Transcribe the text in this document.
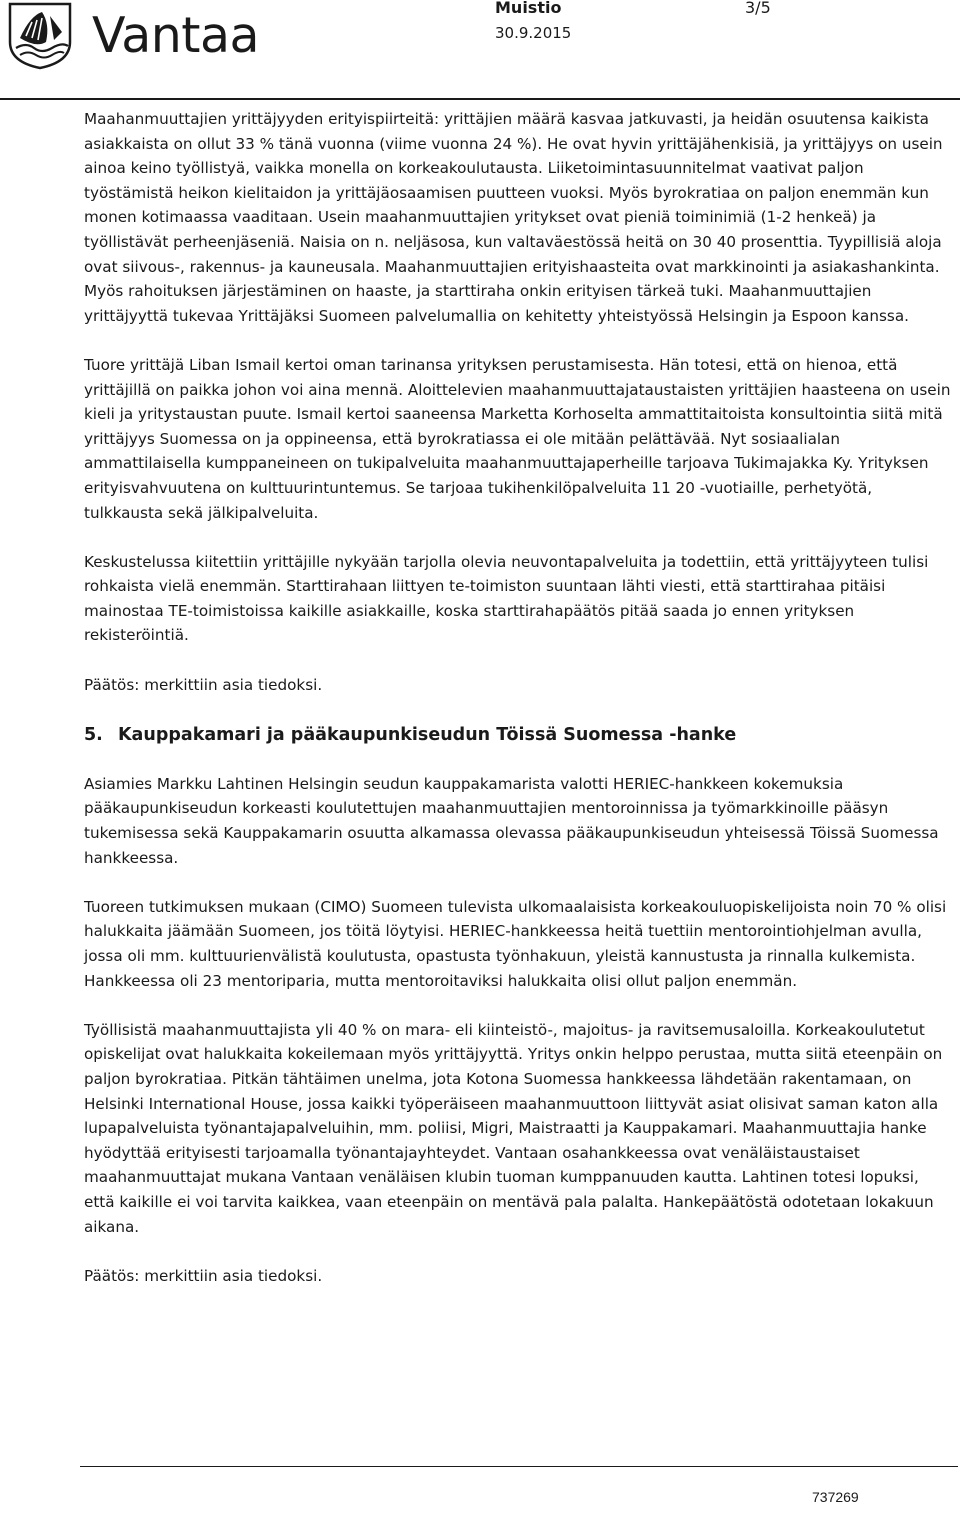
Vantaa	Muistio
30.9.2015
3/5

Maahanmuuttajien yrittäjyyden erityispiirteitä: yrittäjien määrä kasvaa jatkuvasti, ja heidän osuutensa kaikista asiakkaista on ollut 33 % tänä vuonna (viime vuonna 24 %). He ovat hyvin yrittäjähenkisiä, ja yrittäjyys on usein ainoa keino työllistyä, vaikka monella on korkeakoulutausta. Liiketoimintasuunnitelmat vaativat paljon työstämistä heikon kielitaidon ja yrittäjäosaamisen puutteen vuoksi. Myös byrokratiaa on paljon enemmän kun monen kotimaassa vaaditaan. Usein maahanmuuttajien yritykset ovat pieniä toiminimiä (1-2 henkeä) ja työllistävät perheenjäseniä. Naisia on n. neljäsosa, kun valtaväestössä heitä on 30 40 prosenttia. Tyypillisiä aloja ovat siivous-, rakennus- ja kauneusala. Maahanmuuttajien erityishaasteita ovat markkinointi ja asiakashankinta. Myös rahoituksen järjestäminen on haaste, ja starttiraha onkin erityisen tärkeä tuki. Maahanmuuttajien yrittäjyyttä tukevaa Yrittäjäksi Suomeen palvelumallia on kehitetty yhteistyössä Helsingin ja Espoon kanssa.

Tuore yrittäjä Liban Ismail kertoi oman tarinansa yrityksen perustamisesta. Hän totesi, että on hienoa, että yrittäjillä on paikka johon voi aina mennä. Aloittelevien maahanmuuttajataustaisten yrittäjien haasteena on usein kieli ja yritystaustan puute. Ismail kertoi saaneensa Marketta Korhoselta ammattitaitoista konsultointia siitä mitä yrittäjyys Suomessa on ja oppineensa, että byrokratiassa ei ole mitään pelättävää. Nyt sosiaalialan ammattilaisella kumppaneineen on tukipalveluita maahanmuuttajaperheille tarjoava Tukimajakka Ky. Yrityksen erityisvahvuutena on kulttuurintuntemus. Se tarjoaa tukihenkilöpalveluita 11 20 -vuotiaille, perhetyötä, tulkkausta sekä jälkipalveluita.

Keskustelussa kiitettiin yrittäjille nykyään tarjolla olevia neuvontapalveluita ja todettiin, että yrittäjyyteen tulisi rohkaista vielä enemmän. Starttirahaan liittyen te-toimiston suuntaan lähti viesti, että starttirahaa pitäisi mainostaa TE-toimistoissa kaikille asiakkaille, koska starttirahapäätös pitää saada jo ennen yrityksen rekisteröintiä.

Päätös: merkittiin asia tiedoksi.

5. Kauppakamari ja pääkaupunkiseudun Töissä Suomessa -hanke

Asiamies Markku Lahtinen Helsingin seudun kauppakamarista valotti HERIEC-hankkeen kokemuksia pääkaupunkiseudun korkeasti koulutettujen maahanmuuttajien mentoroinnissa ja työmarkkinoille pääsyn tukemisessa sekä Kauppakamarin osuutta alkamassa olevassa pääkaupunkiseudun yhteisessä Töissä Suomessa hankkeessa.

Tuoreen tutkimuksen mukaan (CIMO) Suomeen tulevista ulkomaalaisista korkeakouluopiskelijoista noin 70 % olisi halukkaita jäämään Suomeen, jos töitä löytyisi. HERIEC-hankkeessa heitä tuettiin mentorointiohjelman avulla, jossa oli mm. kulttuurienvälistä koulutusta, opastusta työnhakuun, yleistä kannustusta ja rinnalla kulkemista. Hankkeessa oli 23 mentoriparia, mutta mentoroitaviksi halukkaita olisi ollut paljon enemmän.

Työllisistä maahanmuuttajista yli 40 % on mara- eli kiinteistö-, majoitus- ja ravitsemusaloilla. Korkeakoulutetut opiskelijat ovat halukkaita kokeilemaan myös yrittäjyyttä. Yritys onkin helppo perustaa, mutta siitä eteenpäin on paljon byrokratiaa. Pitkän tähtäimen unelma, jota Kotona Suomessa hankkeessa lähdetään rakentamaan, on Helsinki International House, jossa kaikki työperäiseen maahanmuuttoon liittyvät asiat olisivat saman katon alla lupapalveluista työnantajapalveluihin, mm. poliisi, Migri, Maistraatti ja Kauppakamari. Maahanmuuttajia hanke hyödyttää erityisesti tarjoamalla työnantajayhteydet. Vantaan osahankkeessa ovat venäläistaustaiset maahanmuuttajat mukana Vantaan venäläisen klubin tuoman kumppanuuden kautta. Lahtinen totesi lopuksi, että kaikille ei voi tarvita kaikkea, vaan eteenpäin on mentävä pala palalta. Hankepäätöstä odotetaan lokakuun aikana.

Päätös: merkittiin asia tiedoksi.

737269
